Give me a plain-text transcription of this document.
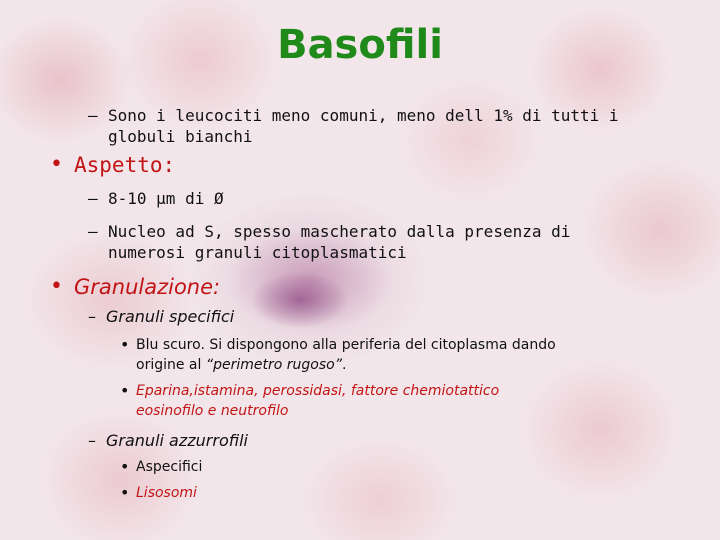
Basofili
– Sono i leucociti meno comuni, meno dell 1% di tutti i
globuli bianchi
• Aspetto:
– 8-10 µm di Ø
– Nucleo ad S, spesso mascherato dalla presenza di
numerosi granuli citoplasmatici
• Granulazione:
– Granuli specifici
• Blu scuro. Si dispongono alla periferia del citoplasma dando
origine al “perimetro rugoso”.
• Eparina,istamina, perossidasi, fattore chemiotattico
eosinofilo e neutrofilo
– Granuli azzurrofili
• Aspecifici
• Lisosomi
